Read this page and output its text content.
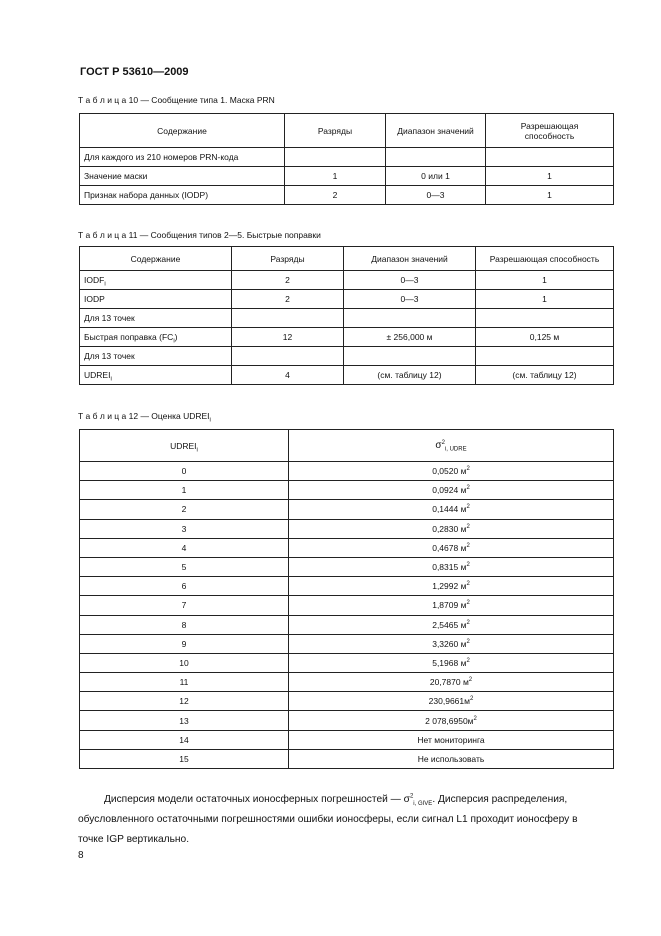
ГОСТ Р 53610—2009
Т а б л и ц а 10 — Сообщение типа 1. Маска PRN
Содержание	Разряды	Диапазон значений	Разрешающая способность
Для каждого из 210 номеров PRN-кода			
Значение маски	1	0 или 1	1
Признак набора данных (IODP)	2	0—3	1
Т а б л и ц а 11 — Сообщения типов 2—5. Быстрые поправки
Содержание	Разряды	Диапазон значений	Разрешающая способность
$IODF_i$	2	0—3	1
IODP	2	0—3	1
Для 13 точек			
Быстрая поправка $(FC_i)$	12	± 256,000 м	0,125 м
Для 13 точек			
$UDREI_i$	4	(см. таблицу 12)	(см. таблицу 12)
Т а б л и ц а 12 — Оценка $UDREI_i$
$UDREI_i$	$\sigma^2_{i, UDRE}$
0	0,0520 $м^2$
1	0,0924 $м^2$
2	0,1444 $м^2$
3	0,2830 $м^2$
4	0,4678 $м^2$
5	0,8315 $м^2$
6	1,2992 $м^2$
7	1,8709 $м^2$
8	2,5465 $м^2$
9	3,3260 $м^2$
10	5,1968 $м^2$
11	20,7870 $м^2$
12	$230,9661м^2$
13	2 $078,6950м^2$
14	Нет мониторинга
15	Не использовать

Дисперсия модели остаточных ионосферных погрешностей — $\sigma^2_{i, GIVE}$. Дисперсия распределения,

обусловленного остаточными погрешностями ошибки ионосферы, если сигнал L1 проходит ионосферу в

точке IGP вертикально.

8
